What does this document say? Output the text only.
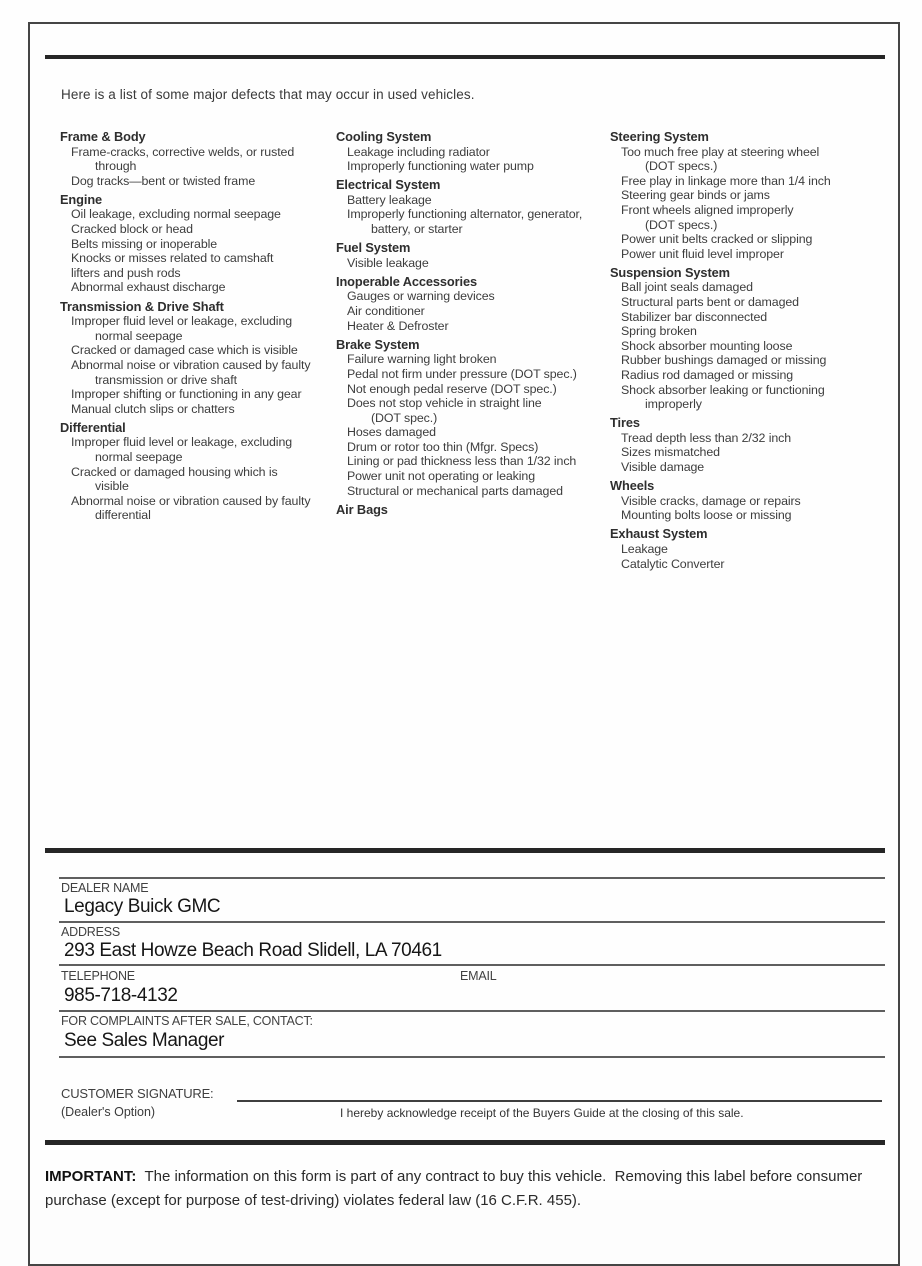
Here is a list of some major defects that may occur in used vehicles.
Frame & Body
Frame-cracks, corrective welds, or rusted
through
Dog tracks—bent or twisted frame
Engine
Oil leakage, excluding normal seepage
Cracked block or head
Belts missing or inoperable
Knocks or misses related to camshaft
lifters and push rods
Abnormal exhaust discharge
Transmission & Drive Shaft
Improper fluid level or leakage, excluding
normal seepage
Cracked or damaged case which is visible
Abnormal noise or vibration caused by faulty
transmission or drive shaft
Improper shifting or functioning in any gear
Manual clutch slips or chatters
Differential
Improper fluid level or leakage, excluding
normal seepage
Cracked or damaged housing which is
visible
Abnormal noise or vibration caused by faulty
differential
Cooling System
Leakage including radiator
Improperly functioning water pump
Electrical System
Battery leakage
Improperly functioning alternator, generator,
battery, or starter
Fuel System
Visible leakage
Inoperable Accessories
Gauges or warning devices
Air conditioner
Heater & Defroster
Brake System
Failure warning light broken
Pedal not firm under pressure (DOT spec.)
Not enough pedal reserve (DOT spec.)
Does not stop vehicle in straight line
(DOT spec.)
Hoses damaged
Drum or rotor too thin (Mfgr. Specs)
Lining or pad thickness less than 1/32 inch
Power unit not operating or leaking
Structural or mechanical parts damaged
Air Bags
Steering System
Too much free play at steering wheel
(DOT specs.)
Free play in linkage more than 1/4 inch
Steering gear binds or jams
Front wheels aligned improperly
(DOT specs.)
Power unit belts cracked or slipping
Power unit fluid level improper
Suspension System
Ball joint seals damaged
Structural parts bent or damaged
Stabilizer bar disconnected
Spring broken
Shock absorber mounting loose
Rubber bushings damaged or missing
Radius rod damaged or missing
Shock absorber leaking or functioning
improperly
Tires
Tread depth less than 2/32 inch
Sizes mismatched
Visible damage
Wheels
Visible cracks, damage or repairs
Mounting bolts loose or missing
Exhaust System
Leakage
Catalytic Converter
DEALER NAME
Legacy Buick GMC
ADDRESS
293 East Howze Beach Road Slidell, LA 70461
TELEPHONE	EMAIL
985-718-4132
FOR COMPLAINTS AFTER SALE, CONTACT:
See Sales Manager
CUSTOMER SIGNATURE:
(Dealer's Option)	I hereby acknowledge receipt of the Buyers Guide at the closing of this sale.

IMPORTANT:  The information on this form is part of any contract to buy this vehicle.  Removing this label before consumer purchase (except for purpose of test-driving) violates federal law (16 C.F.R. 455).
